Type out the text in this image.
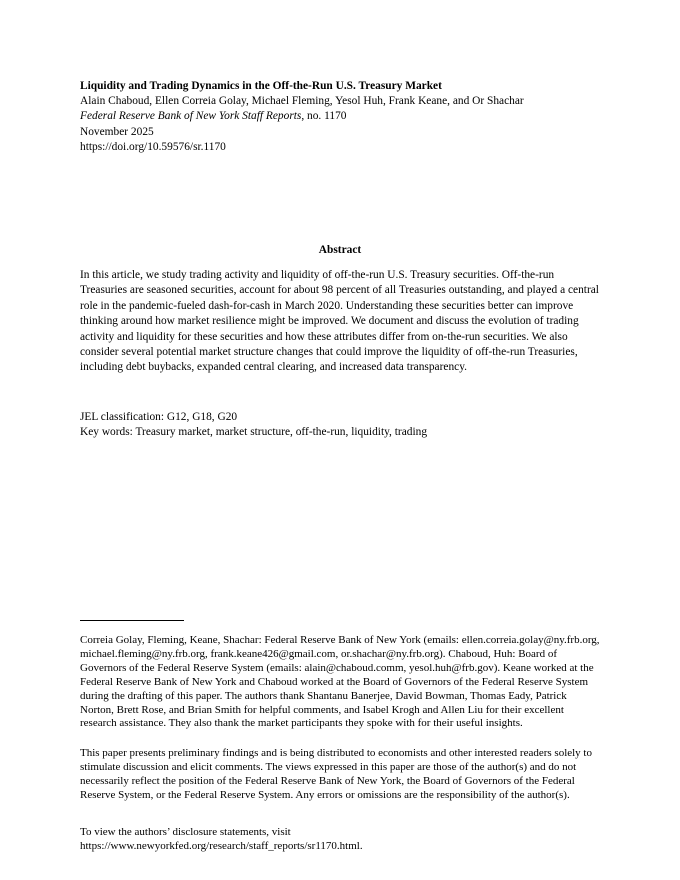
Liquidity and Trading Dynamics in the Off-the-Run U.S. Treasury Market
Alain Chaboud, Ellen Correia Golay, Michael Fleming, Yesol Huh, Frank Keane, and Or Shachar
Federal Reserve Bank of New York Staff Reports, no. 1170
November 2025
https://doi.org/10.59576/sr.1170
Abstract
In this article, we study trading activity and liquidity of off-the-run U.S. Treasury securities. Off-the-run Treasuries are seasoned securities, account for about 98 percent of all Treasuries outstanding, and played a central role in the pandemic-fueled dash-for-cash in March 2020. Understanding these securities better can improve thinking around how market resilience might be improved. We document and discuss the evolution of trading activity and liquidity for these securities and how these attributes differ from on-the-run securities. We also consider several potential market structure changes that could improve the liquidity of off-the-run Treasuries, including debt buybacks, expanded central clearing, and increased data transparency.
JEL classification: G12, G18, G20
Key words: Treasury market, market structure, off-the-run, liquidity, trading
Correia Golay, Fleming, Keane, Shachar: Federal Reserve Bank of New York (emails: ellen.correia.golay@ny.frb.org, michael.fleming@ny.frb.org, frank.keane426@gmail.com, or.shachar@ny.frb.org). Chaboud, Huh: Board of Governors of the Federal Reserve System (emails: alain@chaboud.comm, yesol.huh@frb.gov). Keane worked at the Federal Reserve Bank of New York and Chaboud worked at the Board of Governors of the Federal Reserve System during the drafting of this paper. The authors thank Shantanu Banerjee, David Bowman, Thomas Eady, Patrick Norton, Brett Rose, and Brian Smith for helpful comments, and Isabel Krogh and Allen Liu for their excellent research assistance. They also thank the market participants they spoke with for their useful insights.
This paper presents preliminary findings and is being distributed to economists and other interested readers solely to stimulate discussion and elicit comments. The views expressed in this paper are those of the author(s) and do not necessarily reflect the position of the Federal Reserve Bank of New York, the Board of Governors of the Federal Reserve System, or the Federal Reserve System. Any errors or omissions are the responsibility of the author(s).
To view the authors’ disclosure statements, visit
https://www.newyorkfed.org/research/staff_reports/sr1170.html.
